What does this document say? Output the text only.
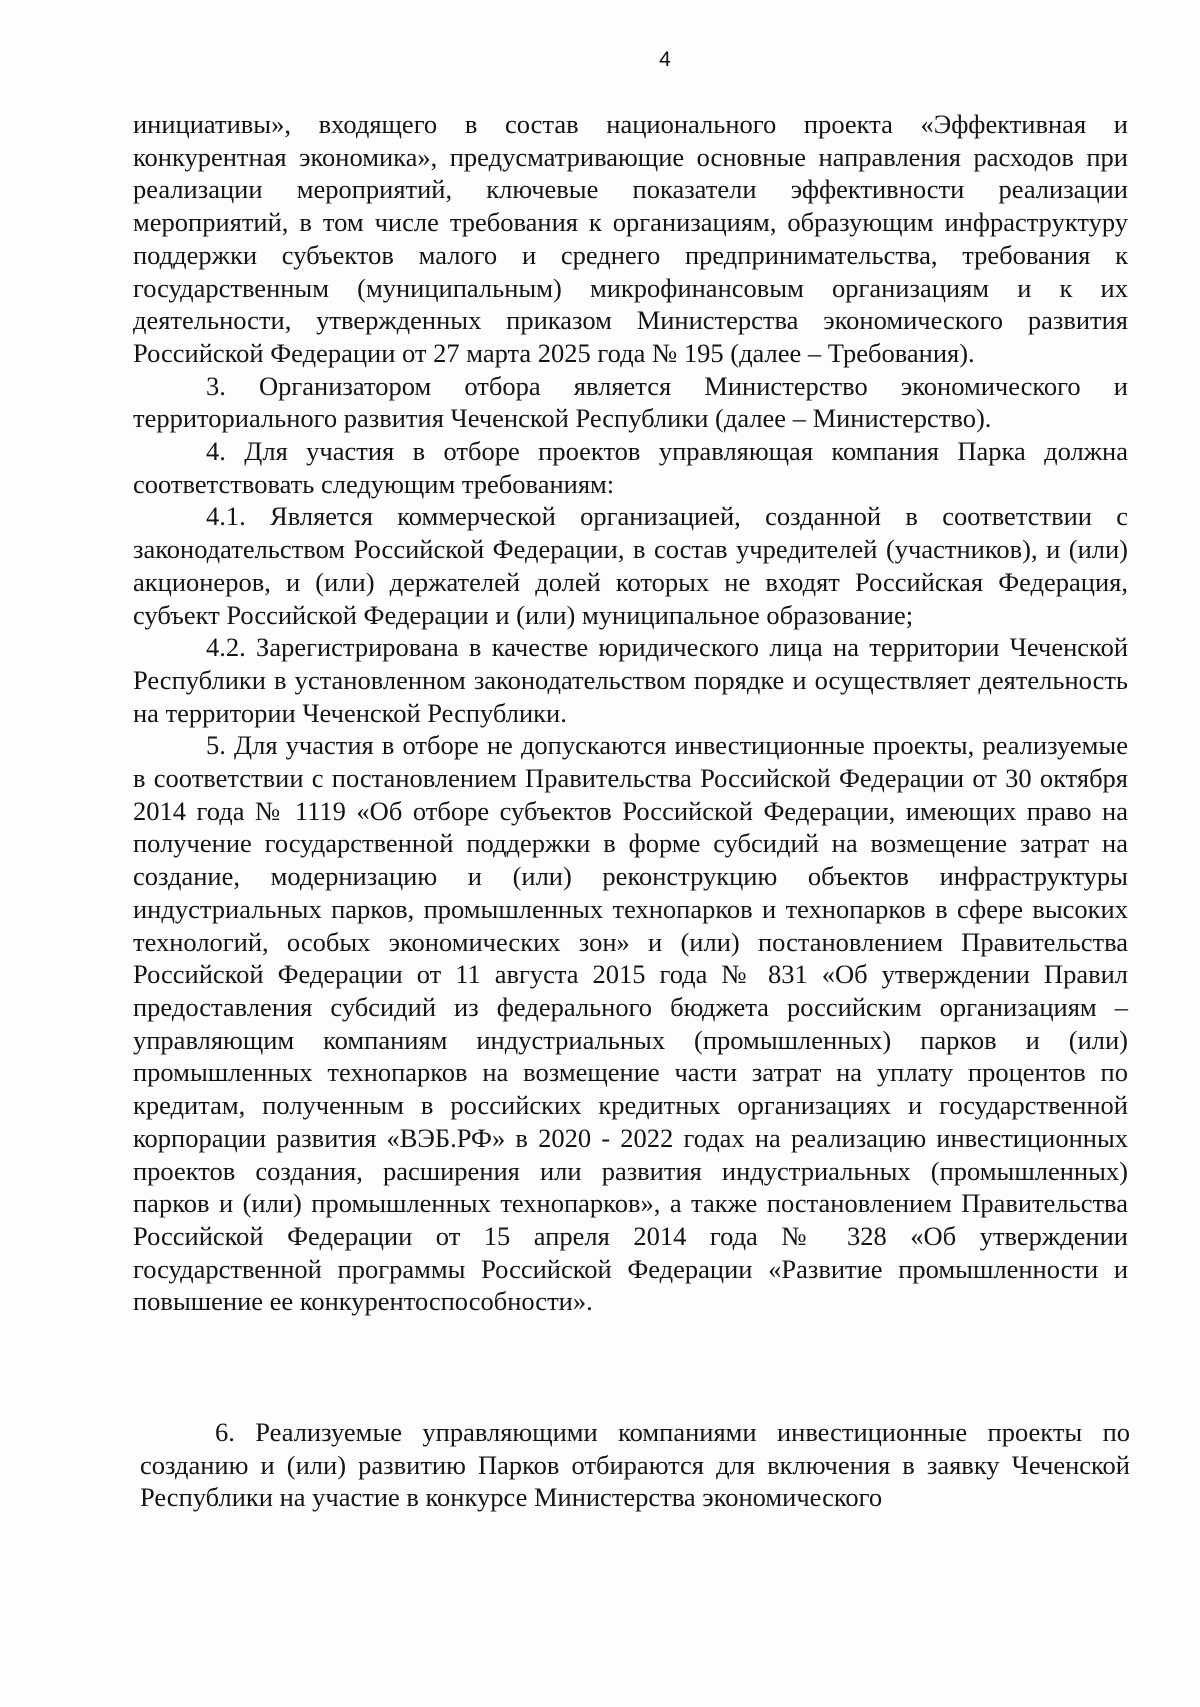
4

инициативы», входящего в состав национального проекта «Эффективная и конкурентная экономика», предусматривающие основные направления расходов при реализации мероприятий, ключевые показатели эффективности реализации мероприятий, в том числе требования к организациям, образующим инфраструктуру поддержки субъектов малого и среднего предпринимательства, требования к государственным (муниципальным) микрофинансовым организациям и к их деятельности, утвержденных приказом Министерства экономического развития Российской Федерации от 27 марта 2025 года № 195 (далее – Требования).

3. Организатором отбора является Министерство экономического и территориального развития Чеченской Республики (далее – Министерство).

4. Для участия в отборе проектов управляющая компания Парка должна соответствовать следующим требованиям:

4.1. Является коммерческой организацией, созданной в соответствии с законодательством Российской Федерации, в состав учредителей (участников), и (или) акционеров, и (или) держателей долей которых не входят Российская Федерация, субъект Российской Федерации и (или) муниципальное образование;

4.2. Зарегистрирована в качестве юридического лица на территории Чеченской Республики в установленном законодательством порядке и осуществляет деятельность на территории Чеченской Республики.

5. Для участия в отборе не допускаются инвестиционные проекты, реализуемые в соответствии с постановлением Правительства Российской Федерации от 30 октября 2014 года № 1119 «Об отборе субъектов Российской Федерации, имеющих право на получение государственной поддержки в форме субсидий на возмещение затрат на создание, модернизацию и (или) реконструкцию объектов инфраструктуры индустриальных парков, промышленных технопарков и технопарков в сфере высоких технологий, особых экономических зон» и (или) постановлением Правительства Российской Федерации от 11 августа 2015 года № 831 «Об утверждении Правил предоставления субсидий из федерального бюджета российским организациям – управляющим компаниям индустриальных (промышленных) парков и (или) промышленных технопарков на возмещение части затрат на уплату процентов по кредитам, полученным в российских кредитных организациях и государственной корпорации развития «ВЭБ.РФ» в 2020 - 2022 годах на реализацию инвестиционных проектов создания, расширения или развития индустриальных (промышленных) парков и (или) промышленных технопарков», а также постановлением Правительства Российской Федерации от 15 апреля 2014 года № 328 «Об утверждении государственной программы Российской Федерации «Развитие промышленности и повышение ее конкурентоспособности».

6. Реализуемые управляющими компаниями инвестиционные проекты по созданию и (или) развитию Парков отбираются для включения в заявку Чеченской Республики на участие в конкурсе Министерства экономического
